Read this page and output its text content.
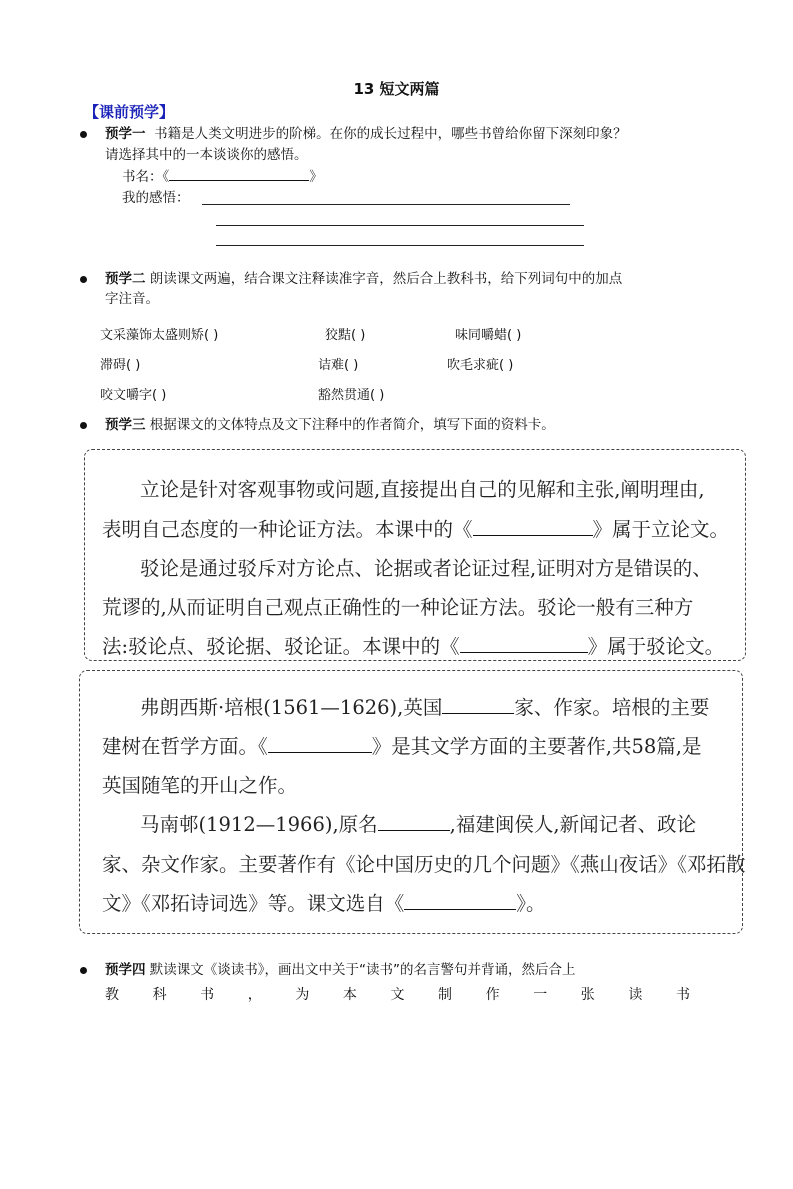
13 短文两篇
【课前预学】
预学一 书籍是人类文明进步的阶梯。在你的成长过程中，哪些书曾给你留下深刻印象？
请选择其中的一本谈谈你的感悟。
书名：《	》
我的感悟：
预学二 朗读课文两遍，结合课文注释读准字音，然后合上教科书，给下列词句中的加点
字注音。
文采藻饰太盛则矫( )	狡黠( )	味同嚼蜡( )
滞碍( )	诘难( )	吹毛求疵( )
咬文嚼字( )	豁然贯通( )
预学三 根据课文的文体特点及文下注释中的作者简介，填写下面的资料卡。
立论是针对客观事物或问题,直接提出自己的见解和主张,阐明理由,
表明自己态度的一种论证方法。本课中的《	》属于立论文。
驳论是通过驳斥对方论点、论据或者论证过程,证明对方是错误的、
荒谬的,从而证明自己观点正确性的一种论证方法。驳论一般有三种方
法:驳论点、驳论据、驳论证。本课中的《	》属于驳论文。
弗朗西斯·培根(1561—1626),英国	家、作家。培根的主要
建树在哲学方面。《	》是其文学方面的主要著作,共58篇,是
英国随笔的开山之作。
马南邨(1912—1966),原名	,福建闽侯人,新闻记者、政论
家、杂文作家。主要著作有《论中国历史的几个问题》《燕山夜话》《邓拓散
文》《邓拓诗词选》等。课文选自《	》。
预学四 默读课文《谈读书》，画出文中关于“读书”的名言警句并背诵，然后合上
教 科 书 ， 为 本 文 制 作 一 张 读 书
